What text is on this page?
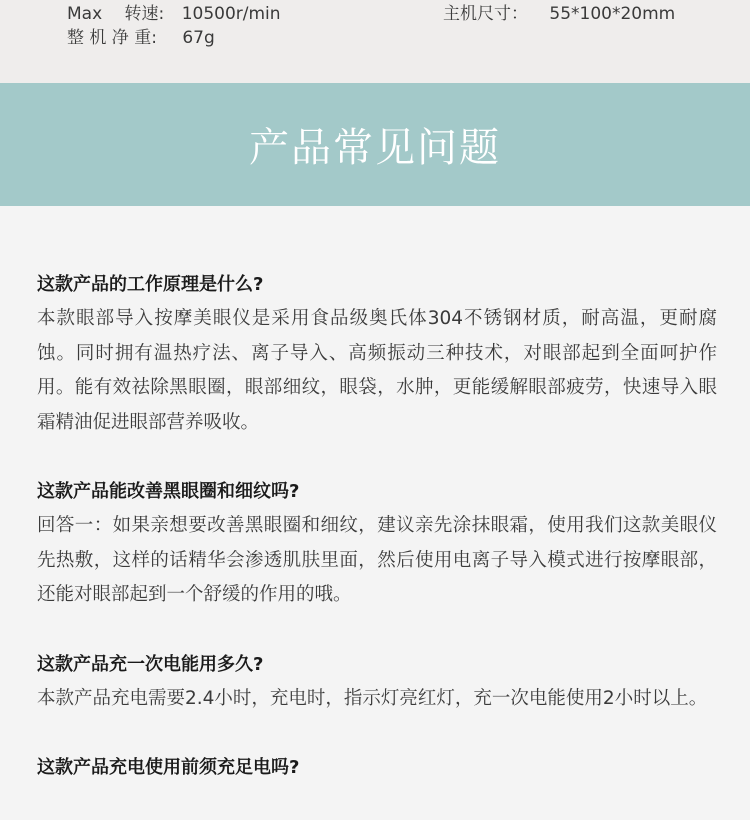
Max　 转速: 10500r/min	主机尺寸： 55*100*20mm
整 机 净 重: 67g
产品常见问题

这款产品的工作原理是什么?

本款眼部导入按摩美眼仪是采用食品级奥氏体304不锈钢材质，耐高温，更耐腐蚀。同时拥有温热疗法、离子导入、高频振动三种技术，对眼部起到全面呵护作用。能有效祛除黑眼圈，眼部细纹，眼袋，水肿，更能缓解眼部疲劳，快速导入眼霜精油促进眼部营养吸收。

这款产品能改善黑眼圈和细纹吗?

回答一：如果亲想要改善黑眼圈和细纹，建议亲先涂抹眼霜，使用我们这款美眼仪先热敷，这样的话精华会渗透肌肤里面，然后使用电离子导入模式进行按摩眼部，还能对眼部起到一个舒缓的作用的哦。

这款产品充一次电能用多久?

本款产品充电需要2.4小时，充电时，指示灯亮红灯，充一次电能使用2小时以上。

这款产品充电使用前须充足电吗?
